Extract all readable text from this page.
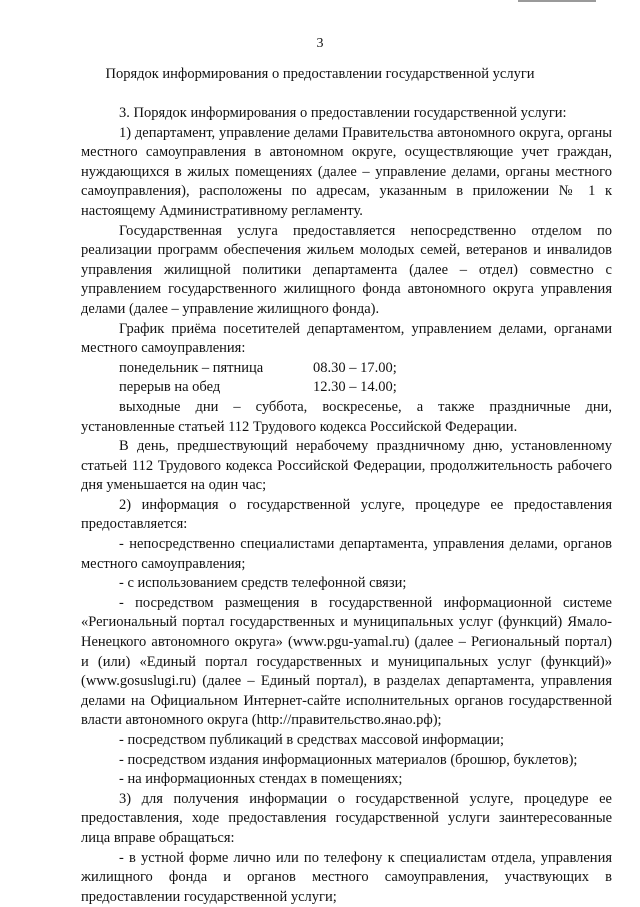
3
Порядок информирования о предоставлении государственной услуги

3. Порядок информирования о предоставлении государственной услуги:

1) департамент, управление делами Правительства автономного округа, органы местного самоуправления в автономном округе, осуществляющие учет граждан, нуждающихся в жилых помещениях (далее – управление делами, органы местного самоуправления), расположены по адресам, указанным в приложении № 1 к настоящему Административному регламенту.

Государственная услуга предоставляется непосредственно отделом по реализации программ обеспечения жильем молодых семей, ветеранов и инвалидов управления жилищной политики департамента (далее – отдел) совместно с управлением государственного жилищного фонда автономного округа управления делами (далее – управление жилищного фонда).

График приёма посетителей департаментом, управлением делами, органами местного самоуправления:

понедельник – пятница	08.30 – 17.00;
перерыв на обед	12.30 – 14.00;

выходные дни – суббота, воскресенье, а также праздничные дни, установленные статьей 112 Трудового кодекса Российской Федерации.

В день, предшествующий нерабочему праздничному дню, установленному статьей 112 Трудового кодекса Российской Федерации, продолжительность рабочего дня уменьшается на один час;

2) информация о государственной услуге, процедуре ее предоставления предоставляется:

- непосредственно специалистами департамента, управления делами, органов местного самоуправления;

- с использованием средств телефонной связи;

- посредством размещения в государственной информационной системе «Региональный портал государственных и муниципальных услуг (функций) Ямало-Ненецкого автономного округа» (www.pgu-yamal.ru) (далее – Региональный портал) и (или) «Единый портал государственных и муниципальных услуг (функций)» (www.gosuslugi.ru) (далее – Единый портал), в разделах департамента, управления делами на Официальном Интернет-сайте исполнительных органов государственной власти автономного округа (http://правительство.янао.рф);

- посредством публикаций в средствах массовой информации;

- посредством издания информационных материалов (брошюр, буклетов);

- на информационных стендах в помещениях;

3) для получения информации о государственной услуге, процедуре ее предоставления, ходе предоставления государственной услуги заинтересованные лица вправе обращаться:

- в устной форме лично или по телефону к специалистам отдела, управления жилищного фонда и органов местного самоуправления, участвующих в предоставлении государственной услуги;
